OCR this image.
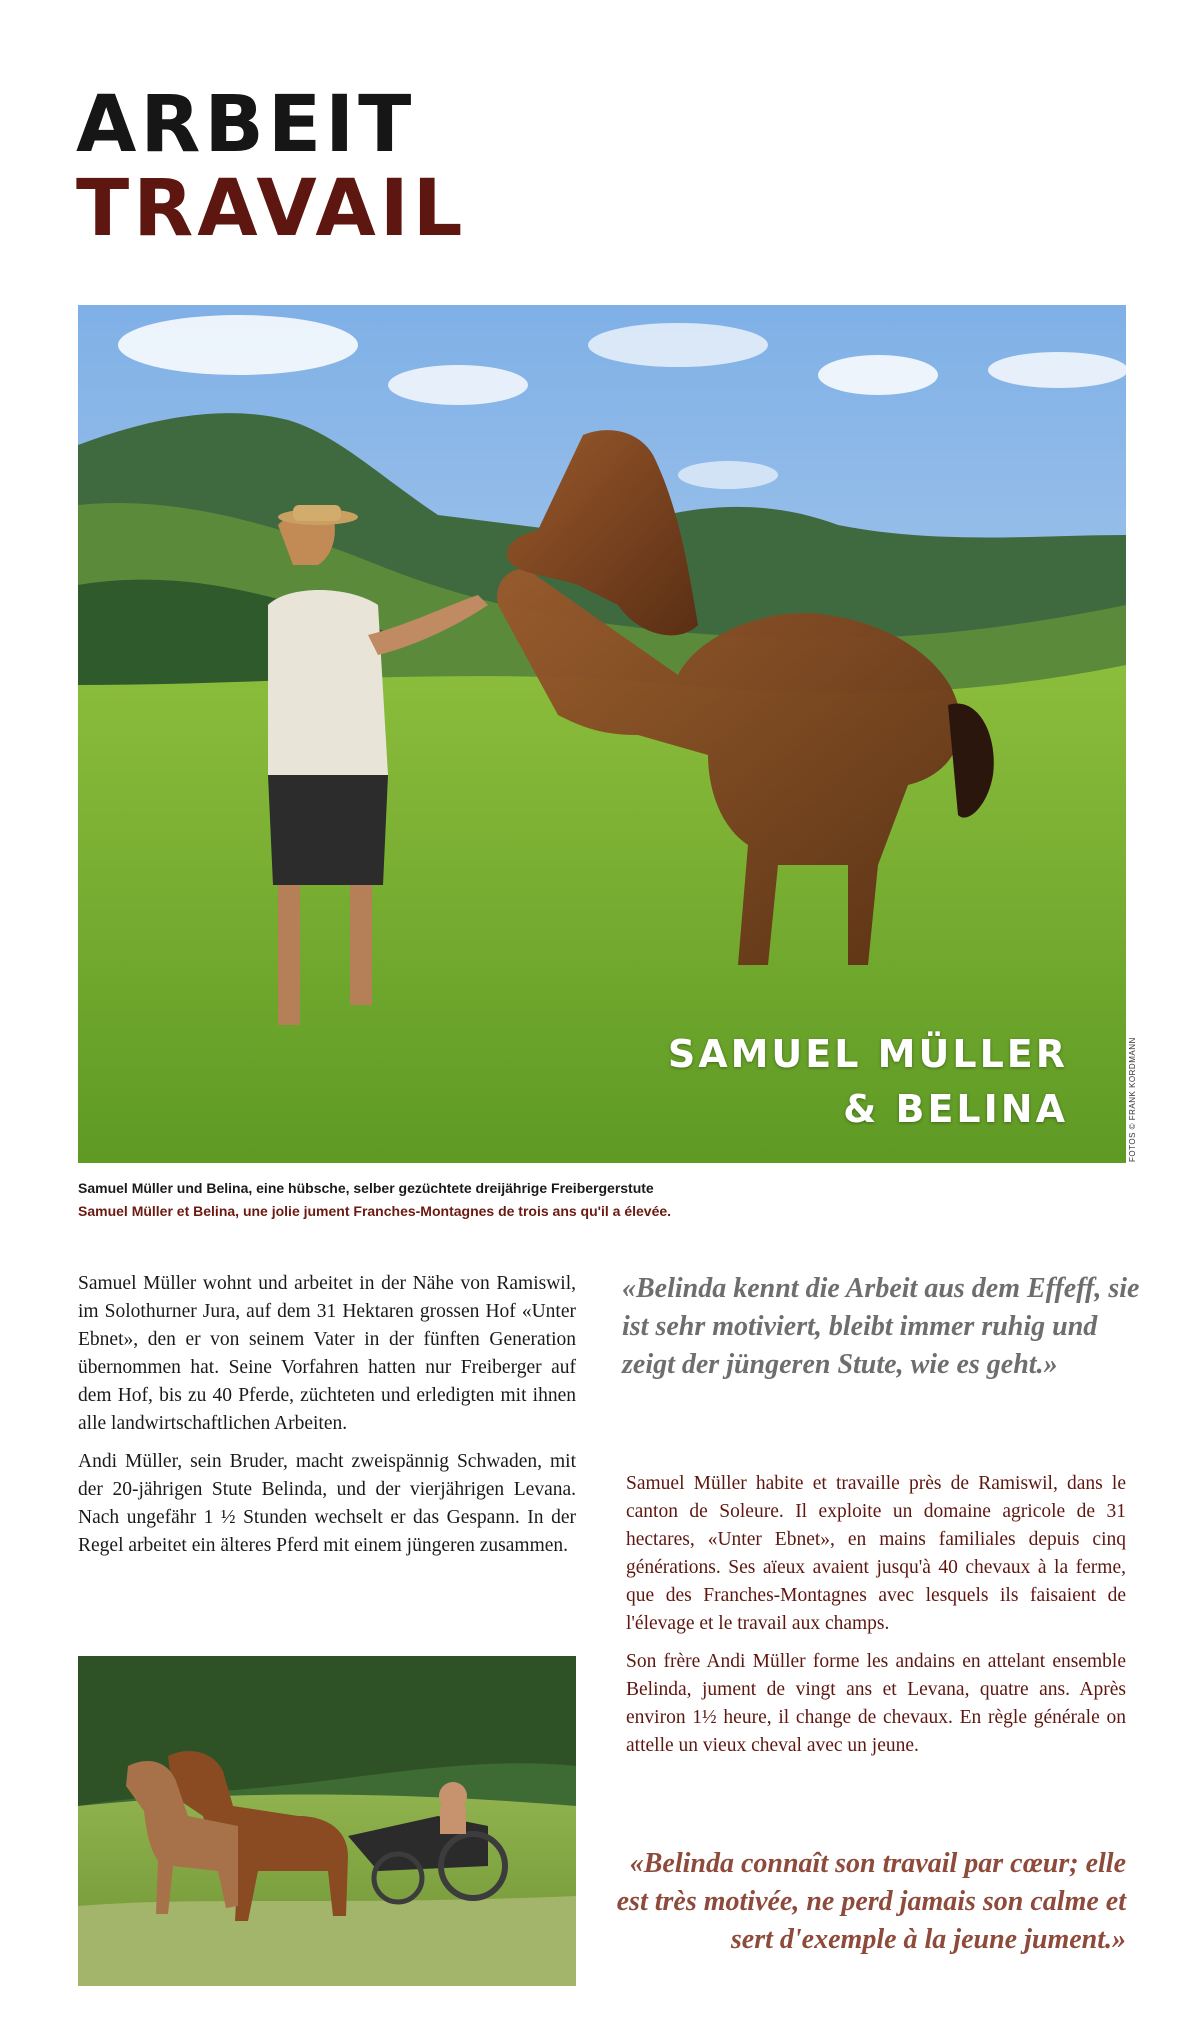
ARBEIT
TRAVAIL
SAMUEL MÜLLER
& BELINA	FOTOS © FRANK KORDMANN
Samuel Müller und Belina, eine hübsche, selber gezüchtete dreijährige Freibergerstute
Samuel Müller et Belina, une jolie jument Franches-Montagnes de trois ans qu'il a élevée.

Samuel Müller wohnt und arbeitet in der Nähe von Ramiswil, im Solothurner Jura, auf dem 31 Hektaren grossen Hof «Unter Ebnet», den er von seinem Vater in der fünften Generation übernommen hat. Seine Vorfahren hatten nur Freiberger auf dem Hof, bis zu 40 Pferde, züchteten und erledigten mit ihnen alle landwirtschaftlichen Arbeiten.

Andi Müller, sein Bruder, macht zweispännig Schwaden, mit der 20-jährigen Stute Belinda, und der vierjährigen Levana. Nach ungefähr 1 ½ Stunden wechselt er das Gespann. In der Regel arbeitet ein älteres Pferd mit einem jüngeren zusammen.

«Belinda kennt die Arbeit aus dem Effeff, sie ist sehr motiviert, bleibt immer ruhig und zeigt der jüngeren Stute, wie es geht.»

Samuel Müller habite et travaille près de Ramiswil, dans le canton de Soleure. Il exploite un domaine agricole de 31 hectares, «Unter Ebnet», en mains familiales depuis cinq générations. Ses aïeux avaient jusqu'à 40 chevaux à la ferme, que des Franches-Montagnes avec lesquels ils faisaient de l'élevage et le travail aux champs.

Son frère Andi Müller forme les andains en attelant ensemble Belinda, jument de vingt ans et Levana, quatre ans. Après environ 1½ heure, il change de chevaux. En règle générale on attelle un vieux cheval avec un jeune.

«Belinda connaît son travail par cœur; elle est très motivée, ne perd jamais son calme et sert d'exemple à la jeune jument.»
